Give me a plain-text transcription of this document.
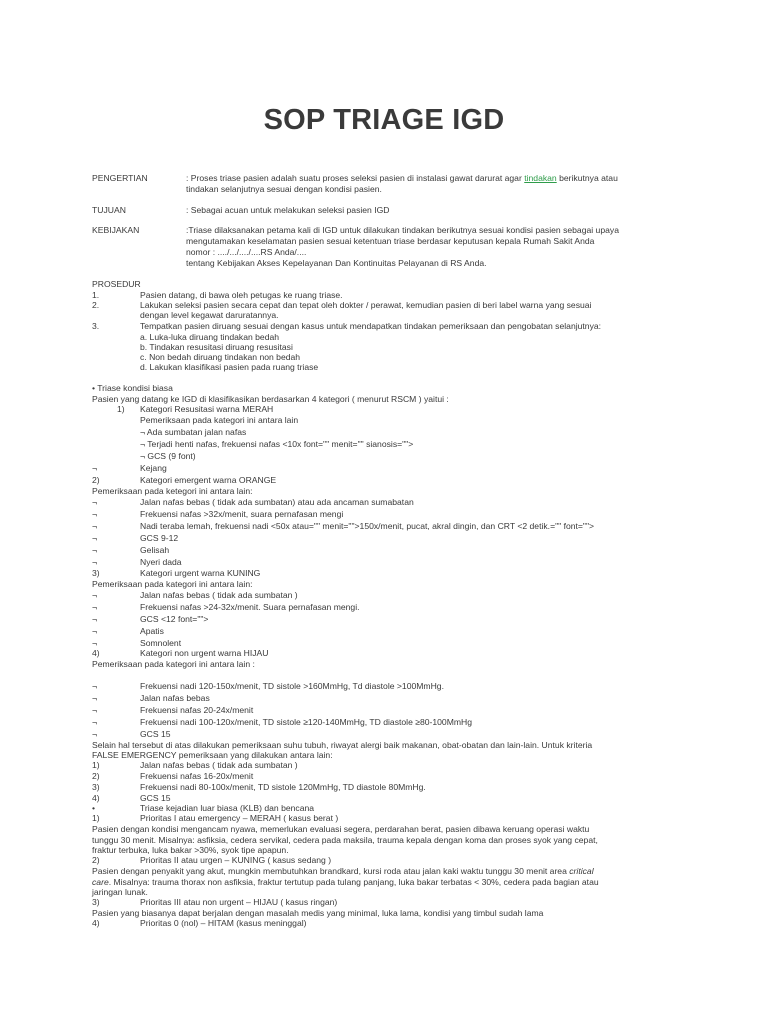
SOP TRIAGE IGD
PENGERTIAN	: Proses triase pasien adalah suatu proses seleksi pasien di instalasi gawat darurat agar tindakan berikutnya atau
tindakan selanjutnya sesuai dengan kondisi pasien.
TUJUAN	: Sebagai acuan untuk melakukan seleksi pasien IGD
KEBIJAKAN	:Triase dilaksanakan petama kali di IGD untuk dilakukan tindakan berikutnya sesuai kondisi pasien sebagai upaya
mengutamakan keselamatan pasien sesuai ketentuan triase berdasar keputusan kepala Rumah Sakit Anda
nomor : ..../.../..../....RS Anda/....
tentang Kebijakan Akses Kepelayanan Dan Kontinuitas Pelayanan di RS Anda.
PROSEDUR
1.	Pasien datang, di bawa oleh petugas ke ruang triase.
2.	Lakukan seleksi pasien secara cepat dan tepat oleh dokter / perawat, kemudian pasien di beri label warna yang sesuai
dengan level kegawat daruratannya.
3.	Tempatkan pasien diruang sesuai dengan kasus untuk mendapatkan tindakan pemeriksaan dan pengobatan selanjutnya:
a. Luka-luka diruang tindakan bedah
b. Tindakan resusitasi diruang resusitasi
c. Non bedah diruang tindakan non bedah
d. Lakukan klasifikasi pasien pada ruang triase
• Triase kondisi biasa
Pasien yang datang ke IGD di klasifikasikan berdasarkan 4 kategori ( menurut RSCM ) yaitui :
1) Kategori Resusitasi warna MERAH
Pemeriksaan pada kategori ini antara lain
¬ Ada sumbatan jalan nafas
¬ Terjadi henti nafas, frekuensi nafas <10x font="" menit="" sianosis="">
¬ GCS (9 font)
¬	Kejang
2)	Kategori emergent warna ORANGE
Pemeriksaan pada ketegori ini antara lain:
¬	Jalan nafas bebas ( tidak ada sumbatan) atau ada ancaman sumabatan
¬	Frekuensi nafas >32x/menit, suara pernafasan mengi
¬	Nadi teraba lemah, frekuensi nadi <50x atau="" menit="">150x/menit, pucat, akral dingin, dan CRT <2 detik.="" font="">
¬	GCS 9-12
¬	Gelisah
¬	Nyeri dada
3)	Kategori urgent warna KUNING
Pemeriksaan pada kategori ini antara lain:
¬	Jalan nafas bebas ( tidak ada sumbatan )
¬	Frekuensi nafas >24-32x/menit. Suara pernafasan mengi.
¬	GCS <12 font="">
¬	Apatis
¬	Somnolent
4)	Kategori non urgent warna HIJAU
Pemeriksaan pada kategori ini antara lain :
¬	Frekuensi nadi 120-150x/menit, TD sistole >160MmHg, Td diastole >100MmHg.
¬	Jalan nafas bebas
¬	Frekuensi nafas 20-24x/menit
¬	Frekuensi nadi 100-120x/menit, TD sistole ≥120-140MmHg, TD diastole ≥80-100MmHg
¬	GCS 15
Selain hal tersebut di atas dilakukan pemeriksaan suhu tubuh, riwayat alergi baik makanan, obat-obatan dan lain-lain. Untuk kriteria
FALSE EMERGENCY pemeriksaan yang dilakukan antara lain:
1)	Jalan nafas bebas ( tidak ada sumbatan )
2)	Frekuensi nafas 16-20x/menit
3)	Frekuensi nadi 80-100x/menit, TD sistole 120MmHg, TD diastole 80MmHg.
4)	GCS 15
•	Triase kejadian luar biasa (KLB) dan bencana
1)	Prioritas I atau emergency – MERAH ( kasus berat )
Pasien dengan kondisi mengancam nyawa, memerlukan evaluasi segera, perdarahan berat, pasien dibawa keruang operasi waktu
tunggu 30 menit. Misalnya: asfiksia, cedera servikal, cedera pada maksila, trauma kepala dengan koma dan proses syok yang cepat,
fraktur terbuka, luka bakar >30%, syok tipe apapun.
2)	Prioritas II atau urgen – KUNING ( kasus sedang )
Pasien dengan penyakit yang akut, mungkin membutuhkan brandkard, kursi roda atau jalan kaki waktu tunggu 30 menit area critical
care. Misalnya: trauma thorax non asfiksia, fraktur tertutup pada tulang panjang, luka bakar terbatas < 30%, cedera pada bagian atau
jaringan lunak.
3)	Prioritas III atau non urgent – HIJAU ( kasus ringan)
Pasien yang biasanya dapat berjalan dengan masalah medis yang minimal, luka lama, kondisi yang timbul sudah lama
4)	Prioritas 0 (nol) – HITAM (kasus meninggal)
